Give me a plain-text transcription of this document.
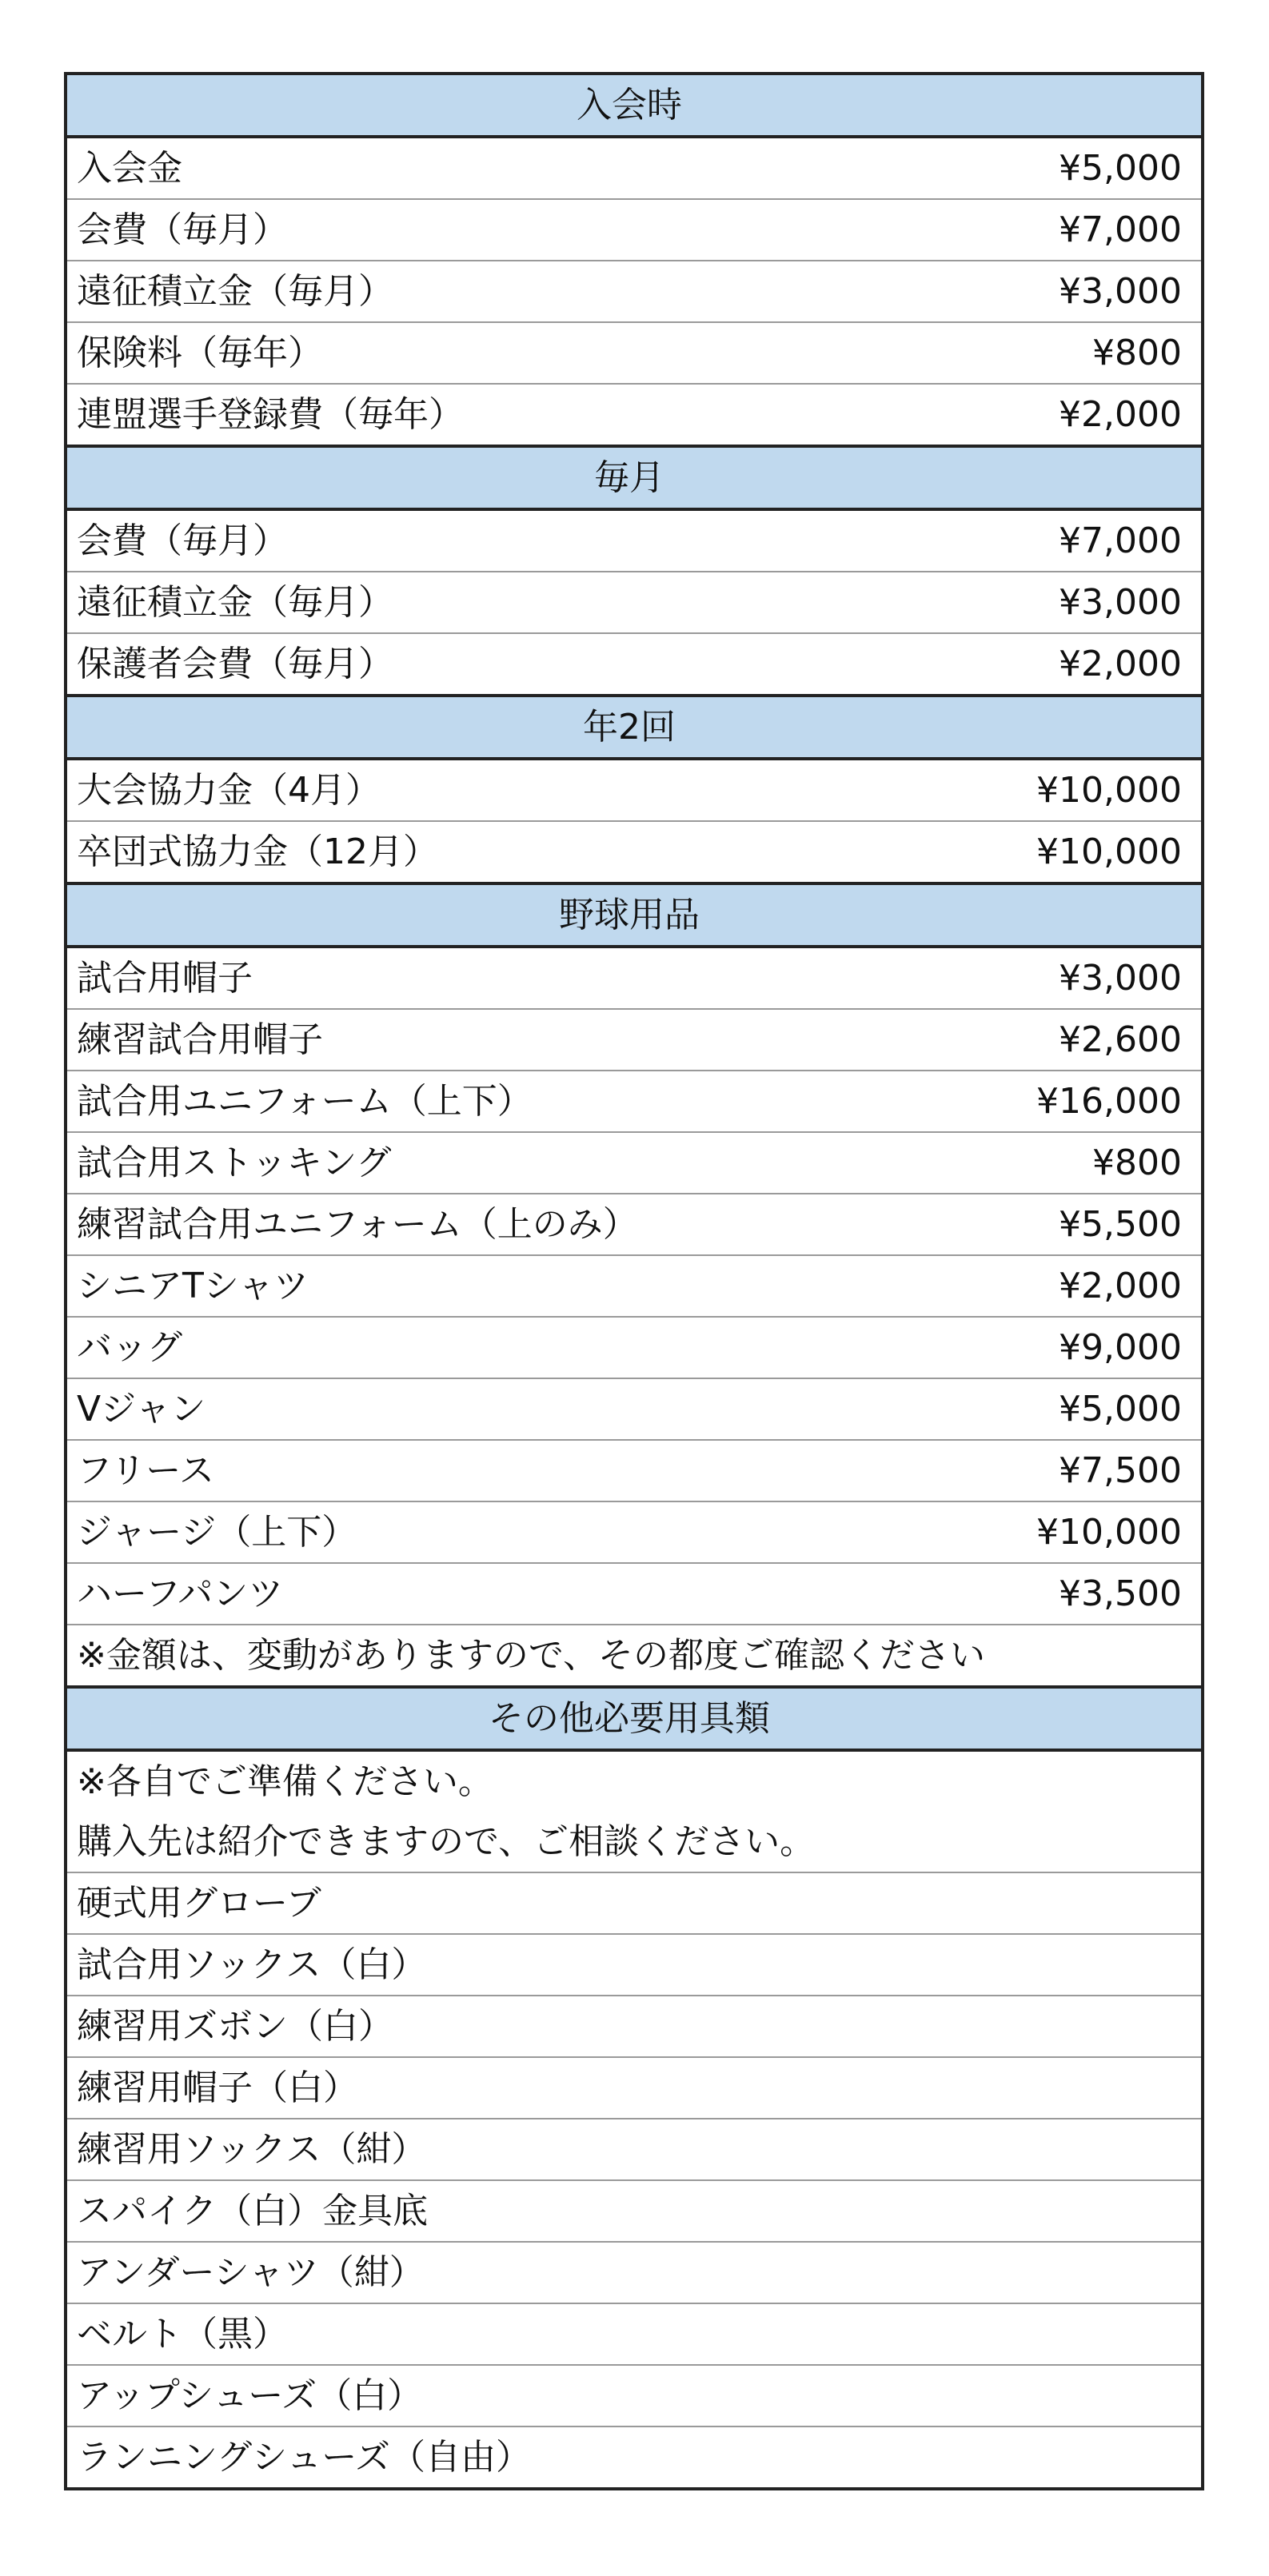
入会時	
入会金	¥5,000
会費（毎月）	¥7,000
遠征積立金（毎月）	¥3,000
保険料（毎年）	¥800
連盟選手登録費（毎年）	¥2,000
毎月	
会費（毎月）	¥7,000
遠征積立金（毎月）	¥3,000
保護者会費（毎月）	¥2,000
年2回	
大会協力金（4月）	¥10,000
卒団式協力金（12月）	¥10,000
野球用品	
試合用帽子	¥3,000
練習試合用帽子	¥2,600
試合用ユニフォーム（上下）	¥16,000
試合用ストッキング	¥800
練習試合用ユニフォーム（上のみ）	¥5,500
シニアTシャツ	¥2,000
バッグ	¥9,000
Vジャン	¥5,000
フリース	¥7,500
ジャージ（上下）	¥10,000
ハーフパンツ	¥3,500
※金額は、変動がありますので、その都度ご確認ください	
その他必要用具類	
※各自でご準備ください。	
購入先は紹介できますので、ご相談ください。	
硬式用グローブ	
試合用ソックス（白）	
練習用ズボン（白）	
練習用帽子（白）	
練習用ソックス（紺）	
スパイク（白）金具底	
アンダーシャツ（紺）	
ベルト（黒）	
アップシューズ（白）	
ランニングシューズ（自由）	
